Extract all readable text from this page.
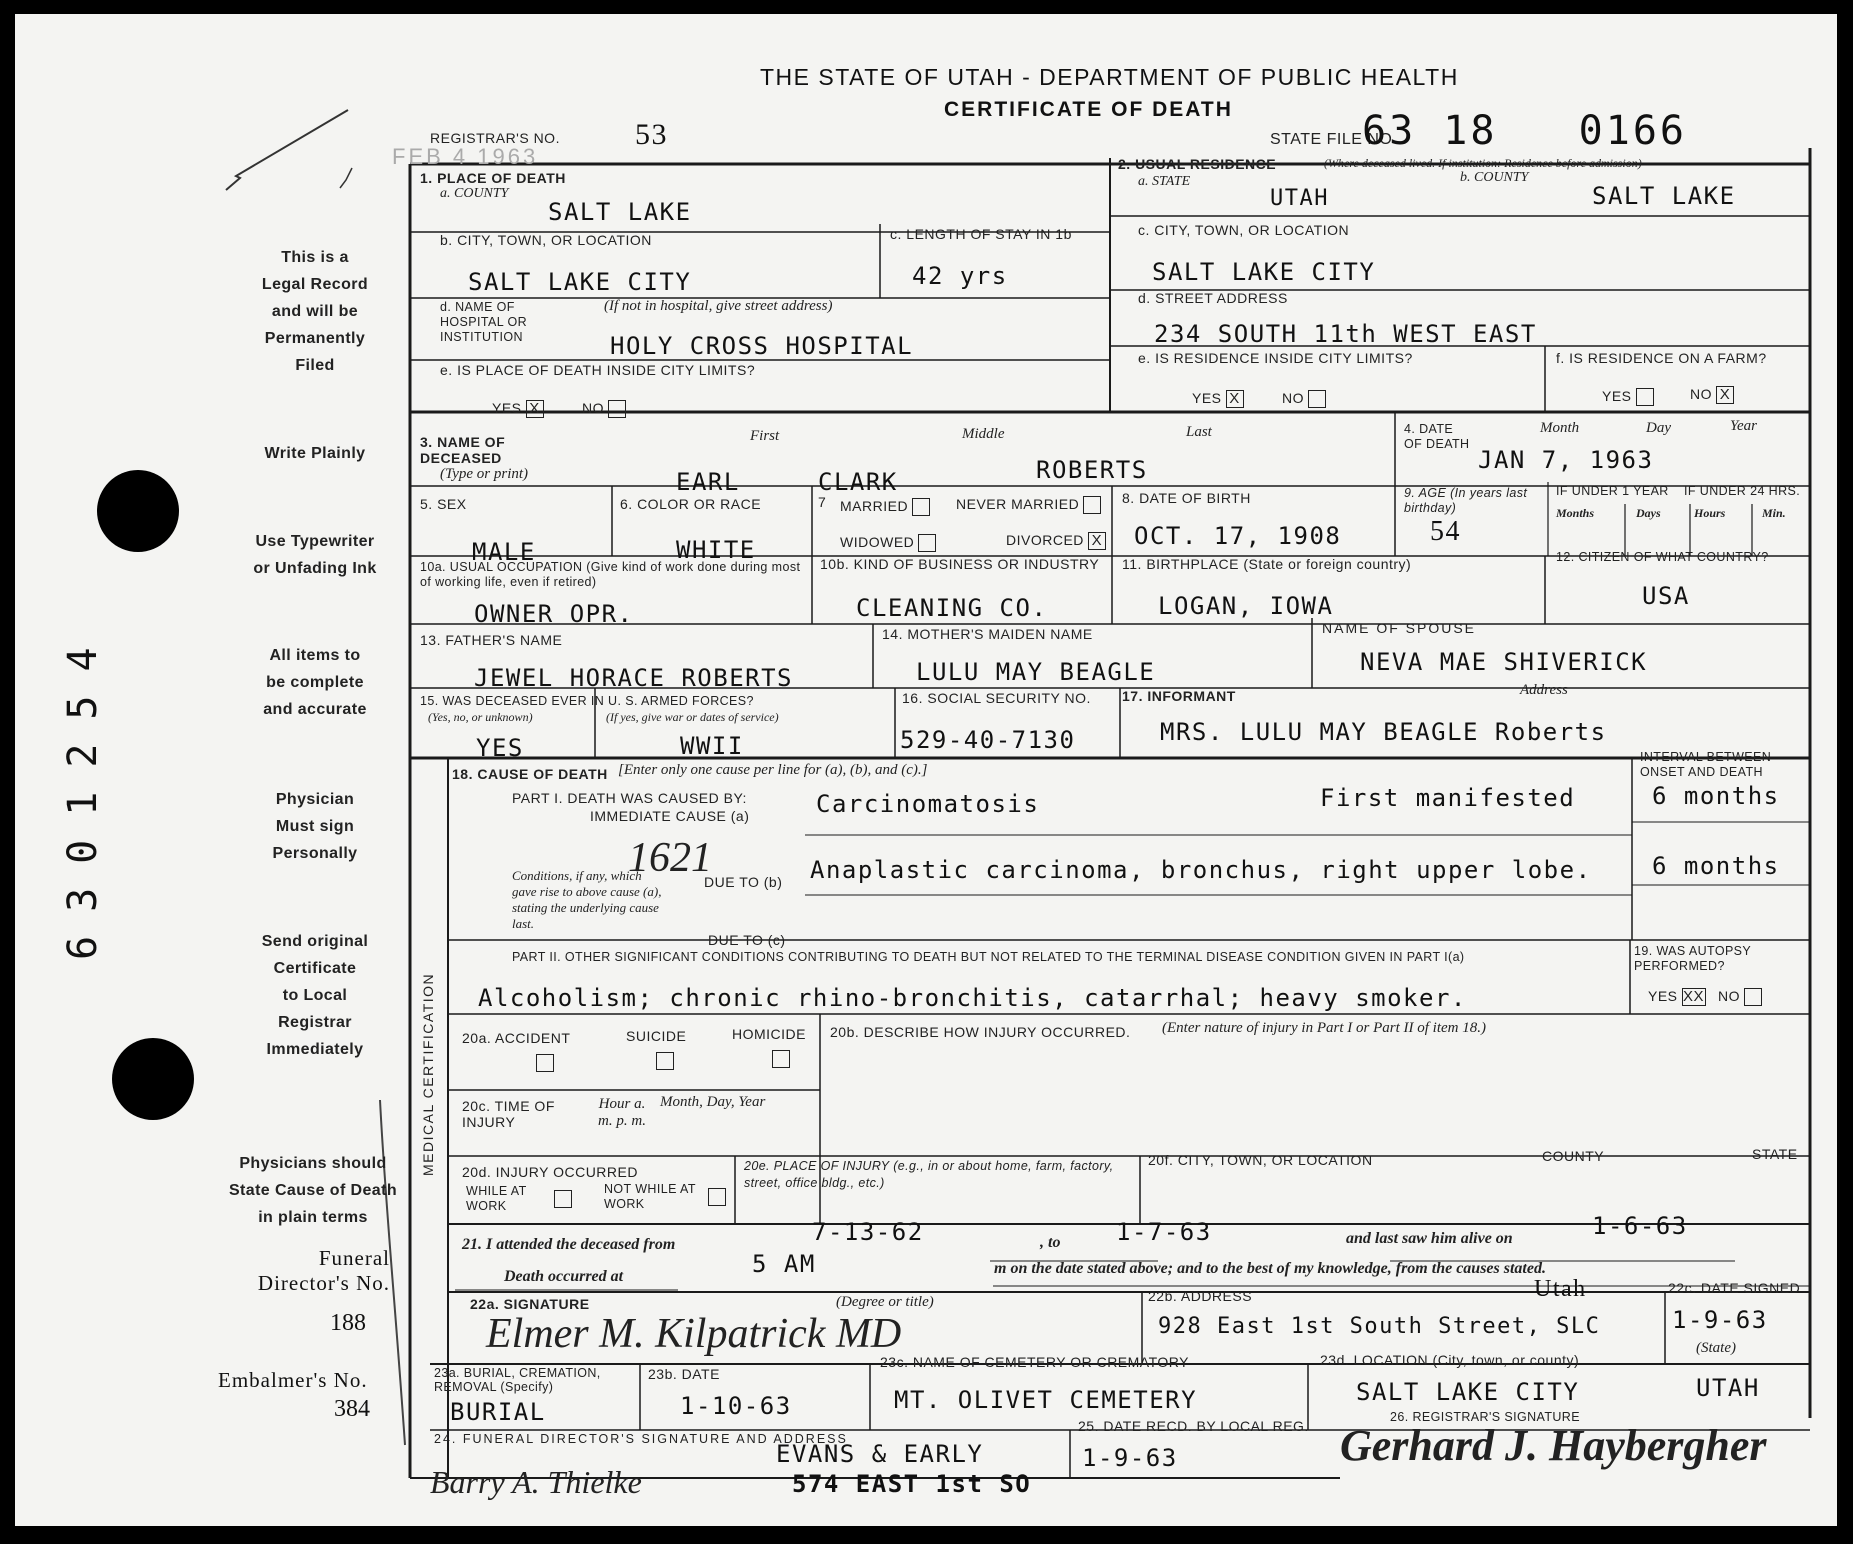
THE STATE OF UTAH - DEPARTMENT OF PUBLIC HEALTH
CERTIFICATE OF DEATH
REGISTRAR'S NO.	53
FEB 4 1963
STATE FILE NO
63 18   0166
This is a
Legal Record
and will be
Permanently
Filed
Write Plainly
Use Typewriter
or Unfading Ink
All items to
be complete
and accurate
Physician
Must sign
Personally
Send original
Certificate
to Local
Registrar
Immediately
Physicians should
State Cause of Death
in plain terms
Funeral
Director's No.
188
Embalmer's No.
384
6301254
1. PLACE OF DEATH
a. COUNTY
SALT LAKE
b. CITY, TOWN, OR LOCATION	c. LENGTH OF STAY IN 1b
SALT LAKE CITY	42 yrs
d. NAME OF HOSPITAL OR INSTITUTION
(If not in hospital, give street address)
HOLY CROSS HOSPITAL
e. IS PLACE OF DEATH INSIDE CITY LIMITS?
YES X	NO
2. USUAL RESIDENCE	(Where deceased lived. If institution: Residence before admission)
a. STATE	b. COUNTY
UTAH	SALT LAKE
c. CITY, TOWN, OR LOCATION
SALT LAKE CITY
d. STREET ADDRESS
234 SOUTH 11th WEST EAST
e. IS RESIDENCE INSIDE CITY LIMITS?	f. IS RESIDENCE ON A FARM?
YES X	NO	YES	NO X
3. NAME OF DECEASED
(Type or print)
First	Middle	Last
EARL	CLARK	ROBERTS
4. DATE OF DEATH
Month	Day	Year
JAN 7, 1963
5. SEX
MALE
6. COLOR OR RACE
WHITE
7 MARRIED	NEVER MARRIED
WIDOWED	DIVORCED X
8. DATE OF BIRTH
OCT. 17, 1908
9. AGE (In years last birthday)
54
IF UNDER 1 YEAR IF UNDER 24 HRS.
Months	Days	Hours	Min.
10a. USUAL OCCUPATION (Give kind of work done during most of working life, even if retired)
OWNER OPR.
10b. KIND OF BUSINESS OR INDUSTRY
CLEANING CO.
11. BIRTHPLACE (State or foreign country)
LOGAN, IOWA
12. CITIZEN OF WHAT COUNTRY?
USA
13. FATHER'S NAME
JEWEL HORACE ROBERTS
14. MOTHER'S MAIDEN NAME
LULU MAY BEAGLE
NAME OF SPOUSE
NEVA MAE SHIVERICK
Address
15. WAS DECEASED EVER IN U. S. ARMED FORCES?
(Yes, no, or unknown)	(If yes, give war or dates of service)
YES	WWII
16. SOCIAL SECURITY NO.
529-40-7130
17. INFORMANT
MRS. LULU MAY BEAGLE Roberts
MEDICAL CERTIFICATION
18. CAUSE OF DEATH [Enter only one cause per line for (a), (b), and (c).]
INTERVAL BETWEEN ONSET AND DEATH
PART I. DEATH WAS CAUSED BY:
IMMEDIATE CAUSE (a)	Carcinomatosis	First manifested	6 months
1621
Conditions, if any, which gave rise to above cause (a), stating the underlying cause last.
DUE TO (b) Anaplastic carcinoma, bronchus, right upper lobe.	6 months
DUE TO (c)
PART II. OTHER SIGNIFICANT CONDITIONS CONTRIBUTING TO DEATH BUT NOT RELATED TO THE TERMINAL DISEASE CONDITION GIVEN IN PART I(a)	19. WAS AUTOPSY PERFORMED?
Alcoholism; chronic rhino-bronchitis, catarrhal; heavy smoker.	YES XX NO
20a. ACCIDENT	SUICIDE	HOMICIDE 20b. DESCRIBE HOW INJURY OCCURRED. (Enter nature of injury in Part I or Part II of item 18.)
20c. TIME OF INJURY
Hour a. m. p. m.
Month, Day, Year
20d. INJURY OCCURRED
WHILE AT WORK
NOT WHILE AT WORK
20e. PLACE OF INJURY (e.g., in or about home, farm, factory, street, office bldg., etc.)
20f. CITY, TOWN, OR LOCATION	COUNTY	STATE
21. I attended the deceased from	7-13-62	, to 1-7-63	and last saw him alive on	1-6-63
Death occurred at	5 AM	m on the date stated above; and to the best of my knowledge, from the causes stated.
22a. SIGNATURE	(Degree or title)
Elmer M. Kilpatrick MD
22b. ADDRESS	Utah
928 East 1st South Street, SLC
22c. DATE SIGNED
1-9-63
23a. BURIAL, CREMATION, REMOVAL (Specify)
BURIAL
23b. DATE
1-10-63
23c. NAME OF CEMETERY OR CREMATORY
MT. OLIVET CEMETERY
23d. LOCATION (City, town, or county)
(State)
SALT LAKE CITY	UTAH
24. FUNERAL DIRECTOR'S SIGNATURE AND ADDRESS
EVANS & EARLY
574 EAST 1st SO
Barry A. Thielke
25. DATE RECD. BY LOCAL REG.
1-9-63
26. REGISTRAR'S SIGNATURE
Gerhard J. Haybergher
